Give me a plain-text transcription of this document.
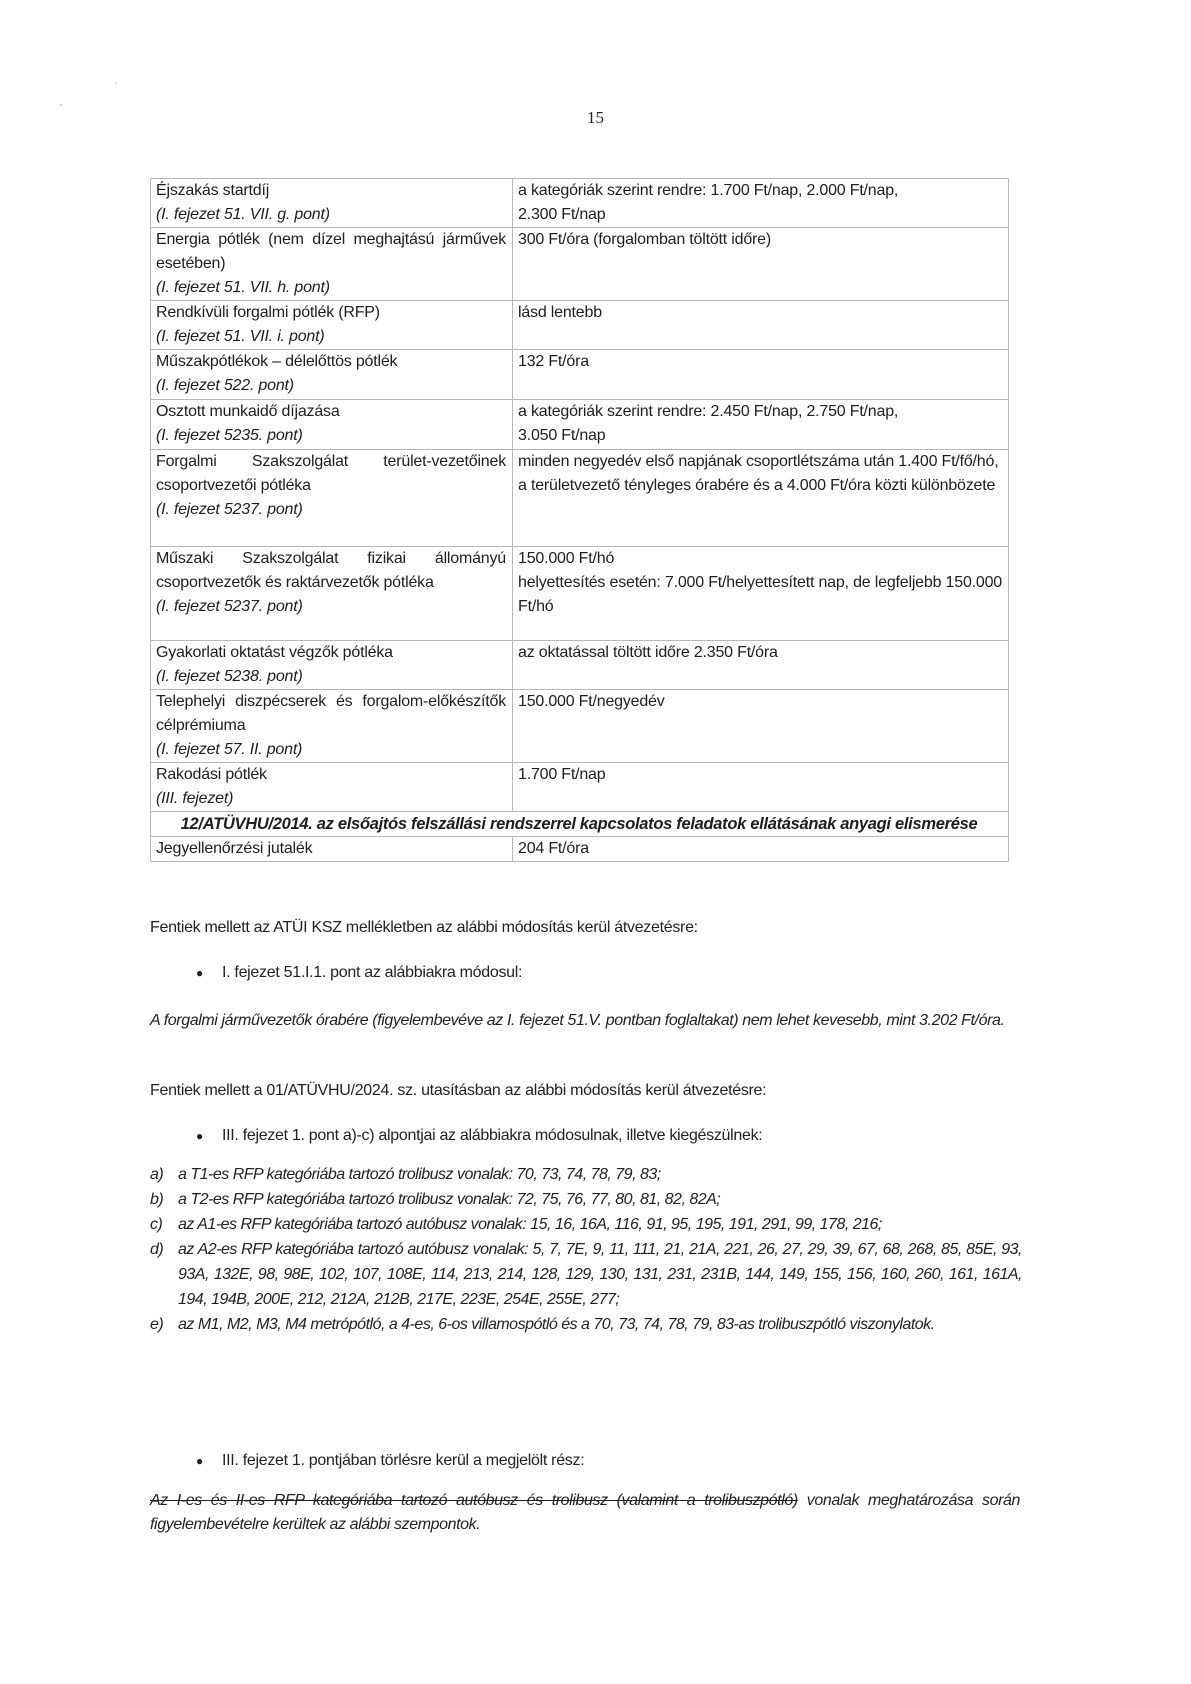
15
Éjszakás startdíj
(I. fejezet 51. VII. g. pont)	a kategóriák szerint rendre: 1.700 Ft/nap, 2.000 Ft/nap,
2.300 Ft/nap

Energia pótlék (nem dízel meghajtású járművek esetében)
(I. fejezet 51. VII. h. pont)	300 Ft/óra (forgalomban töltött időre)

Rendkívüli forgalmi pótlék (RFP)
(I. fejezet 51. VII. i. pont)	lásd lentebb

Műszakpótlékok – délelőttös pótlék
(I. fejezet 522. pont)	132 Ft/óra

Osztott munkaidő díjazása
(I. fejezet 5235. pont)	a kategóriák szerint rendre: 2.450 Ft/nap, 2.750 Ft/nap,
3.050 Ft/nap

Forgalmi Szakszolgálat terület-vezetőinek csoportvezetői pótléka
(I. fejezet 5237. pont)	minden negyedév első napjának csoportlétszáma után 1.400 Ft/fő/hó,
a területvezető tényleges órabére és a 4.000 Ft/óra közti különbözete

Műszaki Szakszolgálat fizikai állományú csoportvezetők és raktárvezetők pótléka
(I. fejezet 5237. pont)	150.000 Ft/hó
helyettesítés esetén: 7.000 Ft/helyettesített nap, de legfeljebb 150.000 Ft/hó

Gyakorlati oktatást végzők pótléka
(I. fejezet 5238. pont)	az oktatással töltött időre 2.350 Ft/óra

Telephelyi diszpécserek és forgalom-előkészítők célprémiuma
(I. fejezet 57. II. pont)	150.000 Ft/negyedév

Rakodási pótlék
(III. fejezet)	1.700 Ft/nap

12/ATÜVHU/2014. az elsőajtós felszállási rendszerrel kapcsolatos feladatok ellátásának anyagi elismerése	
Jegyellenőrzési jutalék	204 Ft/óra
Fentiek mellett az ATÜI KSZ mellékletben az alábbi módosítás kerül átvezetésre:
● I. fejezet 51.I.1. pont az alábbiakra módosul:
A forgalmi járművezetők órabére (figyelembevéve az I. fejezet 51.V. pontban foglaltakat) nem lehet kevesebb, mint 3.202 Ft/óra.
Fentiek mellett a 01/ATÜVHU/2024. sz. utasításban az alábbi módosítás kerül átvezetésre:
● III. fejezet 1. pont a)-c) alpontjai az alábbiakra módosulnak, illetve kiegészülnek:
a) a T1-es RFP kategóriába tartozó trolibusz vonalak: 70, 73, 74, 78, 79, 83;
b) a T2-es RFP kategóriába tartozó trolibusz vonalak: 72, 75, 76, 77, 80, 81, 82, 82A;
c) az A1-es RFP kategóriába tartozó autóbusz vonalak: 15, 16, 16A, 116, 91, 95, 195, 191, 291, 99, 178, 216;
d) az A2-es RFP kategóriába tartozó autóbusz vonalak: 5, 7, 7E, 9, 11, 111, 21, 21A, 221, 26, 27, 29, 39, 67, 68, 268, 85, 85E, 93, 93A, 132E, 98, 98E, 102, 107, 108E, 114, 213, 214, 128, 129, 130, 131, 231, 231B, 144, 149, 155, 156, 160, 260, 161, 161A, 194, 194B, 200E, 212, 212A, 212B, 217E, 223E, 254E, 255E, 277;
e) az M1, M2, M3, M4 metrópótló, a 4-es, 6-os villamospótló és a 70, 73, 74, 78, 79, 83-as trolibuszpótló viszonylatok.
● III. fejezet 1. pontjában törlésre kerül a megjelölt rész:
Az I-es és II-es RFP kategóriába tartozó autóbusz és trolibusz (valamint a trolibuszpótló) vonalak meghatározása során figyelembevételre kerültek az alábbi szempontok.
